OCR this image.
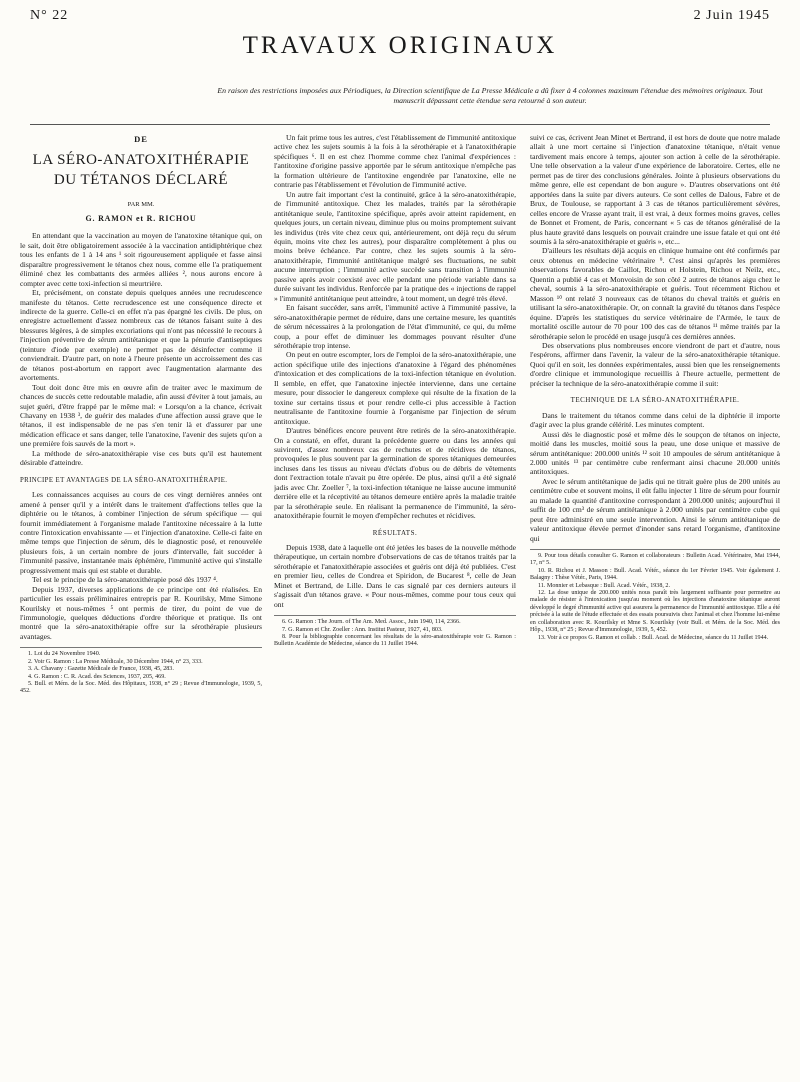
N° 22	2 Juin 1945
TRAVAUX ORIGINAUX
En raison des restrictions imposées aux Périodiques, la Direction scientifique de La Presse Médicale a dû fixer à 4 colonnes maximum l'étendue des mémoires originaux. Tout manuscrit dépassant cette étendue sera retourné à son auteur.
DE
LA SÉRO-ANATOXITHÉRAPIE
DU TÉTANOS DÉCLARÉ
PAR MM.
G. RAMON et R. RICHOU

En attendant que la vaccination au moyen de l'anatoxine tétanique qui, on le sait, doit être obligatoirement associée à la vaccination antidiphtérique chez tous les enfants de 1 à 14 ans ¹ soit rigoureusement appliquée et fasse ainsi disparaître progressivement le tétanos chez nous, comme elle l'a pratiquement éliminé chez les combattants des armées alliées ², nous aurons encore à compter avec cette toxi-infection si meurtrière.

Et, précisément, on constate depuis quelques années une recrudescence manifeste du tétanos. Cette recrudescence est une conséquence directe et indirecte de la guerre. Celle-ci en effet n'a pas épargné les civils. De plus, on enregistre actuellement d'assez nombreux cas de tétanos faisant suite à des blessures légères, à de simples excoriations qui n'ont pas nécessité le recours à l'injection préventive de sérum antitétanique et que la pénurie d'antiseptiques (teinture d'iode par exemple) ne permet pas de désinfecter comme il conviendrait. D'autre part, on note à l'heure présente un accroissement des cas de tétanos post-abortum en rapport avec l'augmentation alarmante des avortements.

Tout doit donc être mis en œuvre afin de traiter avec le maximum de chances de succès cette redoutable maladie, afin aussi d'éviter à tout jamais, au sujet guéri, d'être frappé par le même mal: « Lorsqu'on a la chance, écrivait Chavany en 1938 ³, de guérir des malades d'une affection aussi grave que le tétanos, il est indispensable de ne pas s'en tenir là et d'assurer par une médication efficace et sans danger, telle l'anatoxine, l'avenir des sujets qu'on a une première fois sauvés de la mort ».

La méthode de séro-anatoxithérapie vise ces buts qu'il est hautement désirable d'atteindre.

PRINCIPE ET AVANTAGES DE LA SÉRO-ANATOXITHÉRAPIE.

Les connaissances acquises au cours de ces vingt dernières années ont amené à penser qu'il y a intérêt dans le traitement d'affections telles que la diphtérie ou le tétanos, à combiner l'injection de sérum spécifique — qui fournit immédiatement à l'organisme malade l'antitoxine nécessaire à la lutte contre l'intoxication envahissante — et l'injection d'anatoxine. Celle-ci faite en même temps que l'injection de sérum, dès le diagnostic posé, et renouvelée plusieurs fois, à un certain nombre de jours d'intervalle, fait succéder à l'immunité passive, instantanée mais éphémère, l'immunité active qui s'installe progressivement mais qui est stable et durable.

Tel est le principe de la séro-anatoxithérapie posé dès 1937 ⁴.

Depuis 1937, diverses applications de ce principe ont été réalisées. En particulier les essais préliminaires entrepris par R. Kourilsky, Mme Simone Kourilsky et nous-mêmes ⁵ ont permis de tirer, du point de vue de l'immunologie, quelques déductions d'ordre théorique et pratique. Ils ont montré que la séro-anatoxithérapie offre sur la sérothérapie plusieurs avantages.

1. Loi du 24 Novembre 1940.
2. Voir G. Ramon : La Presse Médicale, 30 Décembre 1944, n° 23, 333.
3. A. Chavany : Gazette Médicale de France, 1938, 45, 283.
4. G. Ramon : C. R. Acad. des Sciences, 1937, 205, 469.
5. Bull. et Mém. de la Soc. Méd. des Hôpitaux, 1938, n° 29 ; Revue d'Immunologie, 1939, 5, 452.

Un fait prime tous les autres, c'est l'établissement de l'immunité antitoxique active chez les sujets soumis à la fois à la sérothérapie et à l'anatoxithérapie spécifiques ⁶. Il en est chez l'homme comme chez l'animal d'expériences : l'antitoxine d'origine passive apportée par le sérum antitoxique n'empêche pas la formation ultérieure de l'antitoxine engendrée par l'anatoxine, elle ne contrarie pas l'établissement et l'évolution de l'immunité active.

Un autre fait important c'est la continuité, grâce à la séro-anatoxithérapie, de l'immunité antitoxique. Chez les malades, traités par la sérothérapie antitétanique seule, l'antitoxine spécifique, après avoir atteint rapidement, en quelques jours, un certain niveau, diminue plus ou moins promptement suivant les individus (très vite chez ceux qui, antérieurement, ont déjà reçu du sérum équin, moins vite chez les autres), pour disparaître complètement à plus ou moins brève échéance. Par contre, chez les sujets soumis à la séro-anatoxithérapie, l'immunité antitétanique malgré ses fluctuations, ne subit aucune interruption ; l'immunité active succède sans transition à l'immunité passive après avoir coexisté avec elle pendant une période variable dans sa durée suivant les individus. Renforcée par la pratique des « injections de rappel » l'immunité antitétanique peut atteindre, à tout moment, un degré très élevé.

En faisant succéder, sans arrêt, l'immunité active à l'immunité passive, la séro-anatoxithérapie permet de réduire, dans une certaine mesure, les quantités de sérum nécessaires à la prolongation de l'état d'immunité, ce qui, du même coup, a pour effet de diminuer les dommages pouvant résulter d'une sérothérapie trop intense.

On peut en outre escompter, lors de l'emploi de la séro-anatoxithérapie, une action spécifique utile des injections d'anatoxine à l'égard des phénomènes d'intoxication et des complications de la toxi-infection tétanique en évolution. Il semble, en effet, que l'anatoxine injectée intervienne, dans une certaine mesure, pour dissocier le dangereux complexe qui résulte de la fixation de la toxine sur certains tissus et pour rendre celle-ci plus accessible à l'action neutralisante de l'antitoxine fournie à l'organisme par l'injection de sérum antitoxique.

D'autres bénéfices encore peuvent être retirés de la séro-anatoxithérapie. On a constaté, en effet, durant la précédente guerre ou dans les années qui suivirent, d'assez nombreux cas de rechutes et de récidives de tétanos, provoquées le plus souvent par la germination de spores tétaniques demeurées incluses dans les tissus au niveau d'éclats d'obus ou de débris de vêtements dont l'extraction totale n'avait pu être opérée. De plus, ainsi qu'il a été signalé jadis avec Chr. Zoeller ⁷, la toxi-infection tétanique ne laisse aucune immunité derrière elle et la réceptivité au tétanos demeure entière après la maladie traitée par la sérothérapie seule. En réalisant la permanence de l'immunité, la séro-anatoxithérapie fournit le moyen d'empêcher rechutes et récidives.

RÉSULTATS.

Depuis 1938, date à laquelle ont été jetées les bases de la nouvelle méthode thérapeutique, un certain nombre d'observations de cas de tétanos traités par la sérothérapie et l'anatoxithérapie associées et guéris ont déjà été publiées. C'est en premier lieu, celles de Condrea et Spiridon, de Bucarest ⁸, celle de Jean Minet et Bertrand, de Lille. Dans le cas signalé par ces derniers auteurs il s'agissait d'un tétanos grave. « Pour nous-mêmes, comme pour tous ceux qui ont

6. G. Ramon : The Journ. of The Am. Med. Assoc., Juin 1940, 114, 2366.
7. G. Ramon et Chr. Zoeller : Ann. Institut Pasteur, 1927, 41, 803.
8. Pour la bibliographie concernant les résultats de la séro-anatoxithérapie voir G. Ramon : Bulletin Académie de Médecine, séance du 11 Juillet 1944.

suivi ce cas, écrivent Jean Minet et Bertrand, il est hors de doute que notre malade allait à une mort certaine si l'injection d'anatoxine tétanique, n'était venue tardivement mais encore à temps, ajouter son action à celle de la sérothérapie. Une telle observation a la valeur d'une expérience de laboratoire. Certes, elle ne permet pas de tirer des conclusions générales. Jointe à plusieurs observations du même genre, elle est cependant de bon augure ». D'autres observations ont été apportées dans la suite par divers auteurs. Ce sont celles de Dalous, Fabre et de Brux, de Toulouse, se rapportant à 3 cas de tétanos particulièrement sévères, celles encore de Vrasse ayant trait, il est vrai, à deux formes moins graves, celles de Bonnet et Froment, de Paris, concernant « 5 cas de tétanos généralisé de la plus haute gravité dans lesquels on pouvait craindre une issue fatale et qui ont été soumis à la séro-anatoxithérapie et guéris », etc...

D'ailleurs les résultats déjà acquis en clinique humaine ont été confirmés par ceux obtenus en médecine vétérinaire ⁹. C'est ainsi qu'après les premières observations favorables de Caillot, Richou et Holstein, Richou et Neilz, etc., Quentin a publié 4 cas et Monvoisin de son côté 2 autres de tétanos aigu chez le cheval, soumis à la séro-anatoxithérapie et guéris. Tout récemment Richou et Masson ¹⁰ ont relaté 3 nouveaux cas de tétanos du cheval traités et guéris en utilisant la séro-anatoxithérapie. Or, on connaît la gravité du tétanos dans l'espèce équine. D'après les statistiques du service vétérinaire de l'Armée, le taux de mortalité oscille autour de 70 pour 100 des cas de tétanos ¹¹ même traités par la sérothérapie selon le procédé en usage jusqu'à ces dernières années.

Des observations plus nombreuses encore viendront de part et d'autre, nous l'espérons, affirmer dans l'avenir, la valeur de la séro-anatoxithérapie tétanique. Quoi qu'il en soit, les données expérimentales, aussi bien que les renseignements d'ordre clinique et immunologique recueillis à l'heure actuelle, permettent de préciser la technique de la séro-anatoxithérapie comme il suit:

TECHNIQUE DE LA SÉRO-ANATOXITHÉRAPIE.

Dans le traitement du tétanos comme dans celui de la diphtérie il importe d'agir avec la plus grande célérité. Les minutes comptent.

Aussi dès le diagnostic posé et même dès le soupçon de tétanos on injecte, moitié dans les muscles, moitié sous la peau, une dose unique et massive de sérum antitétanique: 200.000 unités ¹² soit 10 ampoules de sérum antitétanique à 2.000 unités ¹³ par centimètre cube renfermant ainsi chacune 20.000 unités antitoxiques.

Avec le sérum antitétanique de jadis qui ne titrait guère plus de 200 unités au centimètre cube et souvent moins, il eût fallu injecter 1 litre de sérum pour fournir au malade la quantité d'antitoxine correspondant à 200.000 unités; aujourd'hui il suffit de 100 cm³ de sérum antitétanique à 2.000 unités par centimètre cube qui peut être administré en une seule intervention. Ainsi le sérum antitétanique de valeur antitoxique élevée permet d'inonder sans retard l'organisme, d'antitoxine qui

9. Pour tous détails consulter G. Ramon et collaborateurs : Bulletin Acad. Vétérinaire, Mai 1944, 17, n° 5.
10. R. Richou et J. Masson : Bull. Acad. Vétér., séance du 1er Février 1945. Voir également J. Balagny : Thèse Vétér., Paris, 1944.
11. Monnier et Lebasque : Bull. Acad. Vétér., 1938, 2.
12. La dose unique de 200.000 unités nous paraît très largement suffisante pour permettre au malade de résister à l'intoxication jusqu'au moment où les injections d'anatoxine tétanique auront développé le degré d'immunité active qui assurera la permanence de l'immunité antitoxique. Elle a été précisée à la suite de l'étude effectuée et des essais poursuivis chez l'animal et chez l'homme lui-même en collaboration avec R. Kourilsky et Mme S. Kourilsky (voir Bull. et Mém. de la Soc. Méd. des Hôp., 1938, n° 25 ; Revue d'Immunologie, 1939, 5, 452.
13. Voir à ce propos G. Ramon et collab. : Bull. Acad. de Médecine, séance du 11 Juillet 1944.
